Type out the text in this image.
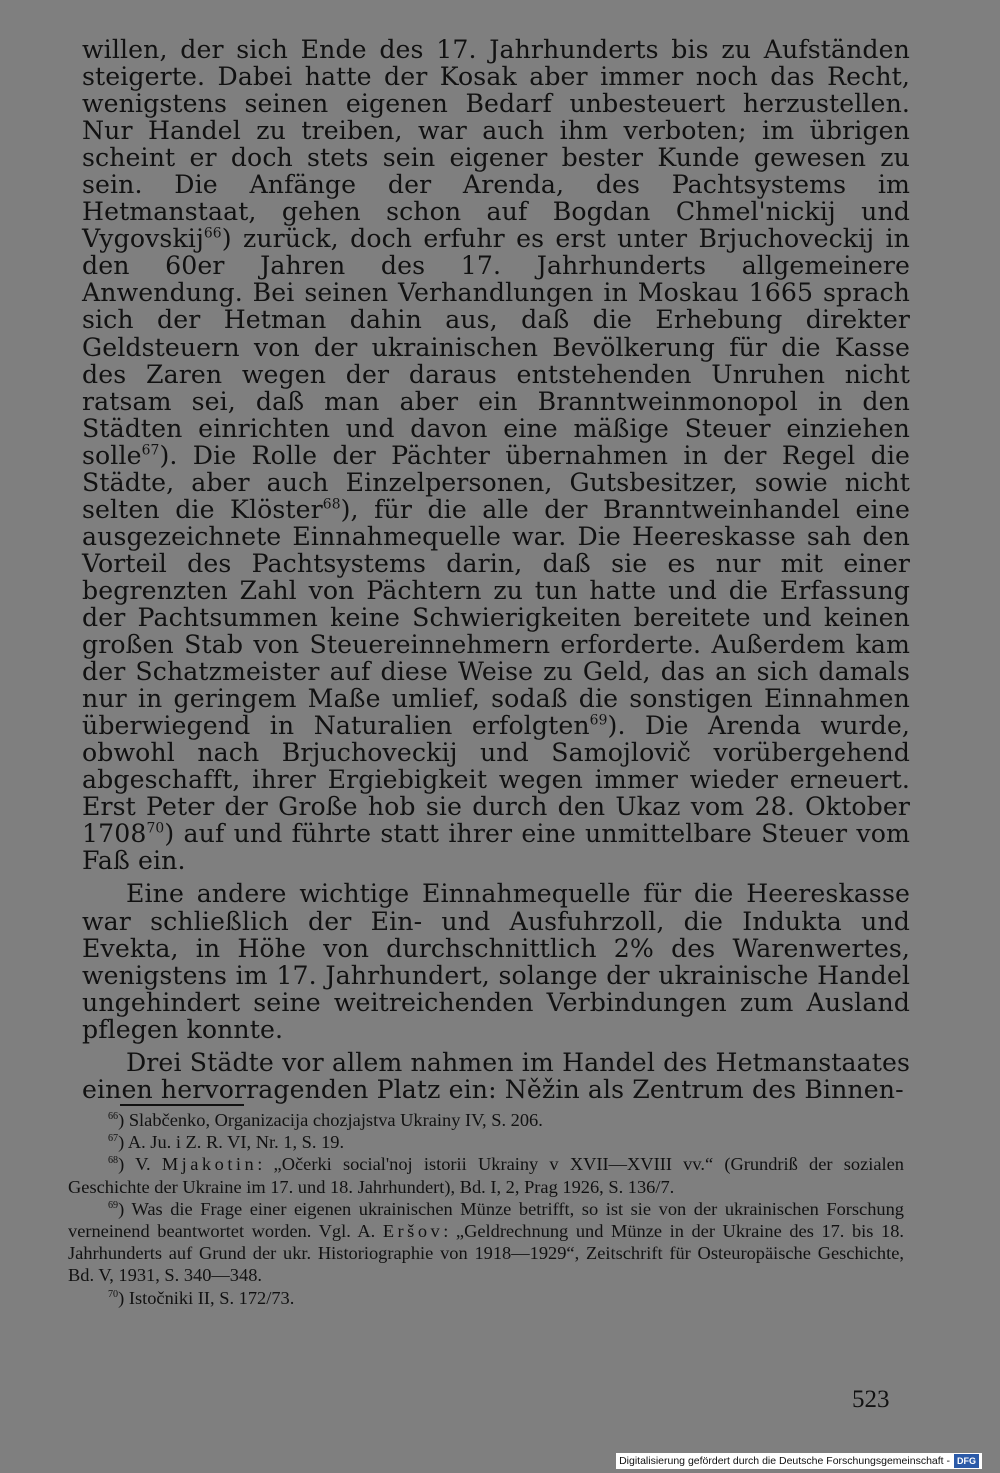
willen, der sich Ende des 17. Jahrhunderts bis zu Aufständen steigerte. Dabei hatte der Kosak aber immer noch das Recht, wenigstens seinen eigenen Bedarf unbesteuert herzustellen. Nur Handel zu treiben, war auch ihm verboten; im übrigen scheint er doch stets sein eigener bester Kunde gewesen zu sein. Die Anfänge der Arenda, des Pachtsystems im Hetmanstaat, gehen schon auf Bogdan Chmel'nickij und Vygovskij$^{66}$) zurück, doch erfuhr es erst unter Brjuchoveckij in den 60er Jahren des 17. Jahrhunderts allgemeinere Anwendung. Bei seinen Verhandlungen in Moskau 1665 sprach sich der Hetman dahin aus, daß die Erhebung direkter Geldsteuern von der ukrainischen Bevölkerung für die Kasse des Zaren wegen der daraus entstehenden Unruhen nicht ratsam sei, daß man aber ein Branntweinmonopol in den Städten einrichten und davon eine mäßige Steuer einziehen solle$^{67}$). Die Rolle der Pächter übernahmen in der Regel die Städte, aber auch Einzelpersonen, Gutsbesitzer, sowie nicht selten die Klöster$^{68}$), für die alle der Branntweinhandel eine ausgezeichnete Einnahmequelle war. Die Heereskasse sah den Vorteil des Pachtsystems darin, daß sie es nur mit einer begrenzten Zahl von Pächtern zu tun hatte und die Erfassung der Pachtsummen keine Schwierigkeiten bereitete und keinen großen Stab von Steuereinnehmern erforderte. Außerdem kam der Schatzmeister auf diese Weise zu Geld, das an sich damals nur in geringem Maße umlief, sodaß die sonstigen Einnahmen überwiegend in Naturalien erfolgten$^{69}$). Die Arenda wurde, obwohl nach Brjuchoveckij und Samojlovič vorübergehend abgeschafft, ihrer Ergiebigkeit wegen immer wieder erneuert. Erst Peter der Große hob sie durch den Ukaz vom 28. Oktober 1708$^{70}$) auf und führte statt ihrer eine unmittelbare Steuer vom Faß ein.

Eine andere wichtige Einnahmequelle für die Heereskasse war schließlich der Ein- und Ausfuhrzoll, die Indukta und Evekta, in Höhe von durchschnittlich 2% des Warenwertes, wenigstens im 17. Jahrhundert, solange der ukrainische Handel ungehindert seine weitreichenden Verbindungen zum Ausland pflegen konnte.

Drei Städte vor allem nahmen im Handel des Hetmanstaates einen hervorragenden Platz ein: Něžin als Zentrum des Binnen-

$^{66}$) Slabčenko, Organizacija chozjajstva Ukrainy IV, S. 206.

$^{67}$) A. Ju. i Z. R. VI, Nr. 1, S. 19.

$^{68}$) V. Mjakotin: „Očerki social'noj istorii Ukrainy v XVII—XVIII vv.“ (Grundriß der sozialen Geschichte der Ukraine im 17. und 18. Jahrhundert), Bd. I, 2, Prag 1926, S. 136/7.

$^{69}$) Was die Frage einer eigenen ukrainischen Münze betrifft, so ist sie von der ukrainischen Forschung verneinend beantwortet worden. Vgl. A. Eršov: „Geldrechnung und Münze in der Ukraine des 17. bis 18. Jahrhunderts auf Grund der ukr. Historiographie von 1918—1929“, Zeitschrift für Osteuropäische Geschichte, Bd. V, 1931, S. 340—348.

$^{70}$) Istočniki II, S. 172/73.

523
Digitalisierung gefördert durch die Deutsche Forschungsgemeinschaft - DFG
